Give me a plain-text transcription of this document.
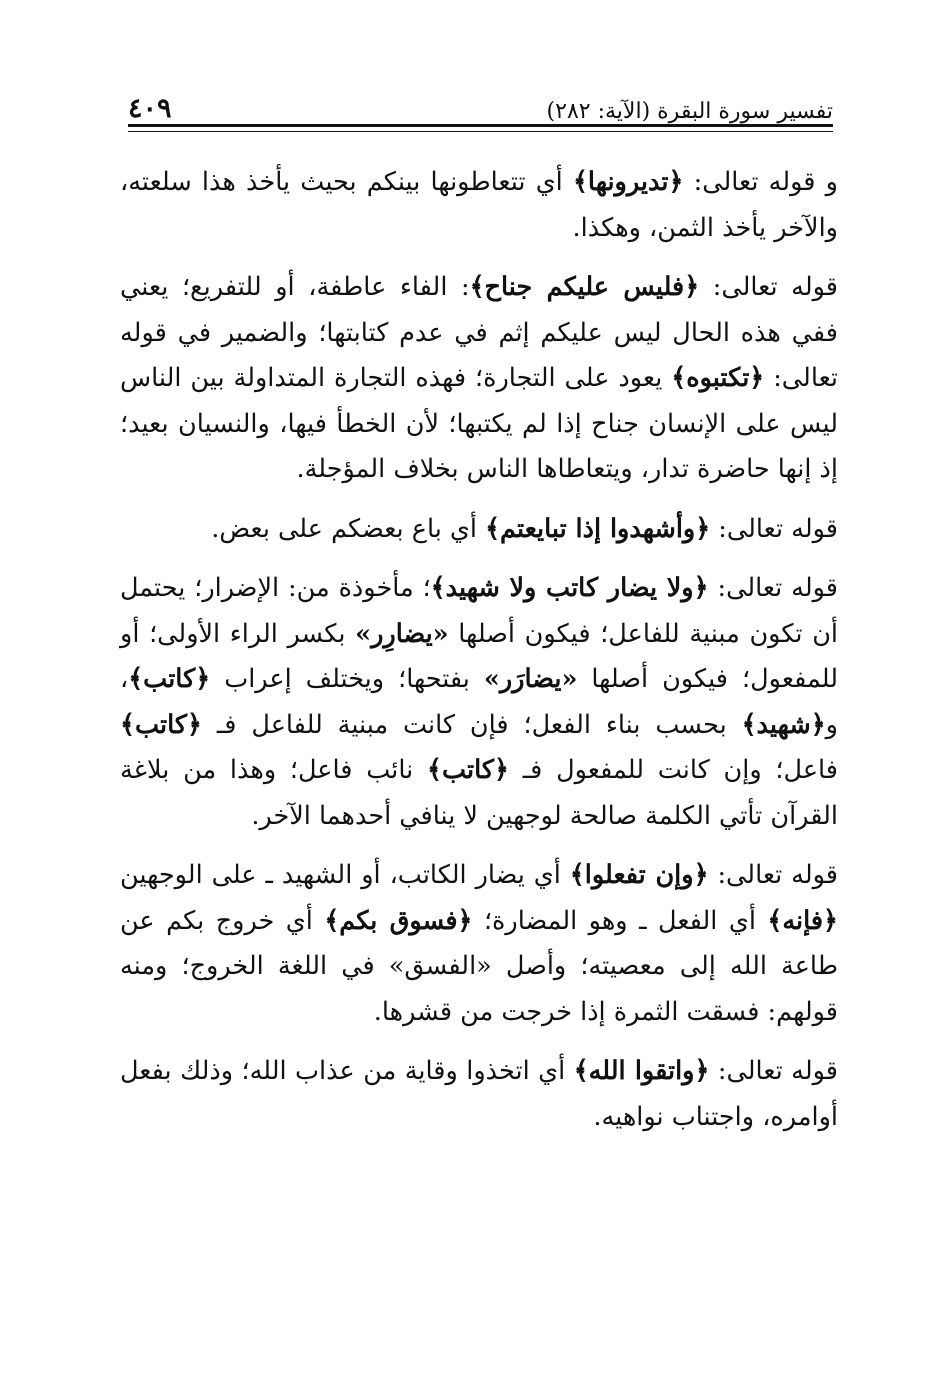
تفسير سورة البقرة (الآية: ٢٨٢)
٤٠٩

و قوله تعالى: ﴿تديرونها﴾ أي تتعاطونها بينكم بحيث يأخذ هذا سلعته، والآخر يأخذ الثمن، وهكذا.

قوله تعالى: ﴿فليس عليكم جناح﴾: الفاء عاطفة، أو للتفريع؛ يعني ففي هذه الحال ليس عليكم إثم في عدم كتابتها؛ والضمير في قوله تعالى: ﴿تكتبوه﴾ يعود على التجارة؛ فهذه التجارة المتداولة بين الناس ليس على الإنسان جناح إذا لم يكتبها؛ لأن الخطأ فيها، والنسيان بعيد؛ إذ إنها حاضرة تدار، ويتعاطاها الناس بخلاف المؤجلة.

قوله تعالى: ﴿وأشهدوا إذا تبايعتم﴾ أي باع بعضكم على بعض.

قوله تعالى: ﴿ولا يضار كاتب ولا شهيد﴾؛ مأخوذة من: الإضرار؛ يحتمل أن تكون مبنية للفاعل؛ فيكون أصلها «يضارِر» بكسر الراء الأولى؛ أو للمفعول؛ فيكون أصلها «يضارَر» بفتحها؛ ويختلف إعراب ﴿كاتب﴾، و﴿شهيد﴾ بحسب بناء الفعل؛ فإن كانت مبنية للفاعل فـ ﴿كاتب﴾ فاعل؛ وإن كانت للمفعول فـ ﴿كاتب﴾ نائب فاعل؛ وهذا من بلاغة القرآن تأتي الكلمة صالحة لوجهين لا ينافي أحدهما الآخر.

قوله تعالى: ﴿وإن تفعلوا﴾ أي يضار الكاتب، أو الشهيد ـ على الوجهين ﴿فإنه﴾ أي الفعل ـ وهو المضارة؛ ﴿فسوق بكم﴾ أي خروج بكم عن طاعة الله إلى معصيته؛ وأصل «الفسق» في اللغة الخروج؛ ومنه قولهم: فسقت الثمرة إذا خرجت من قشرها.

قوله تعالى: ﴿واتقوا الله﴾ أي اتخذوا وقاية من عذاب الله؛ وذلك بفعل أوامره، واجتناب نواهيه.
